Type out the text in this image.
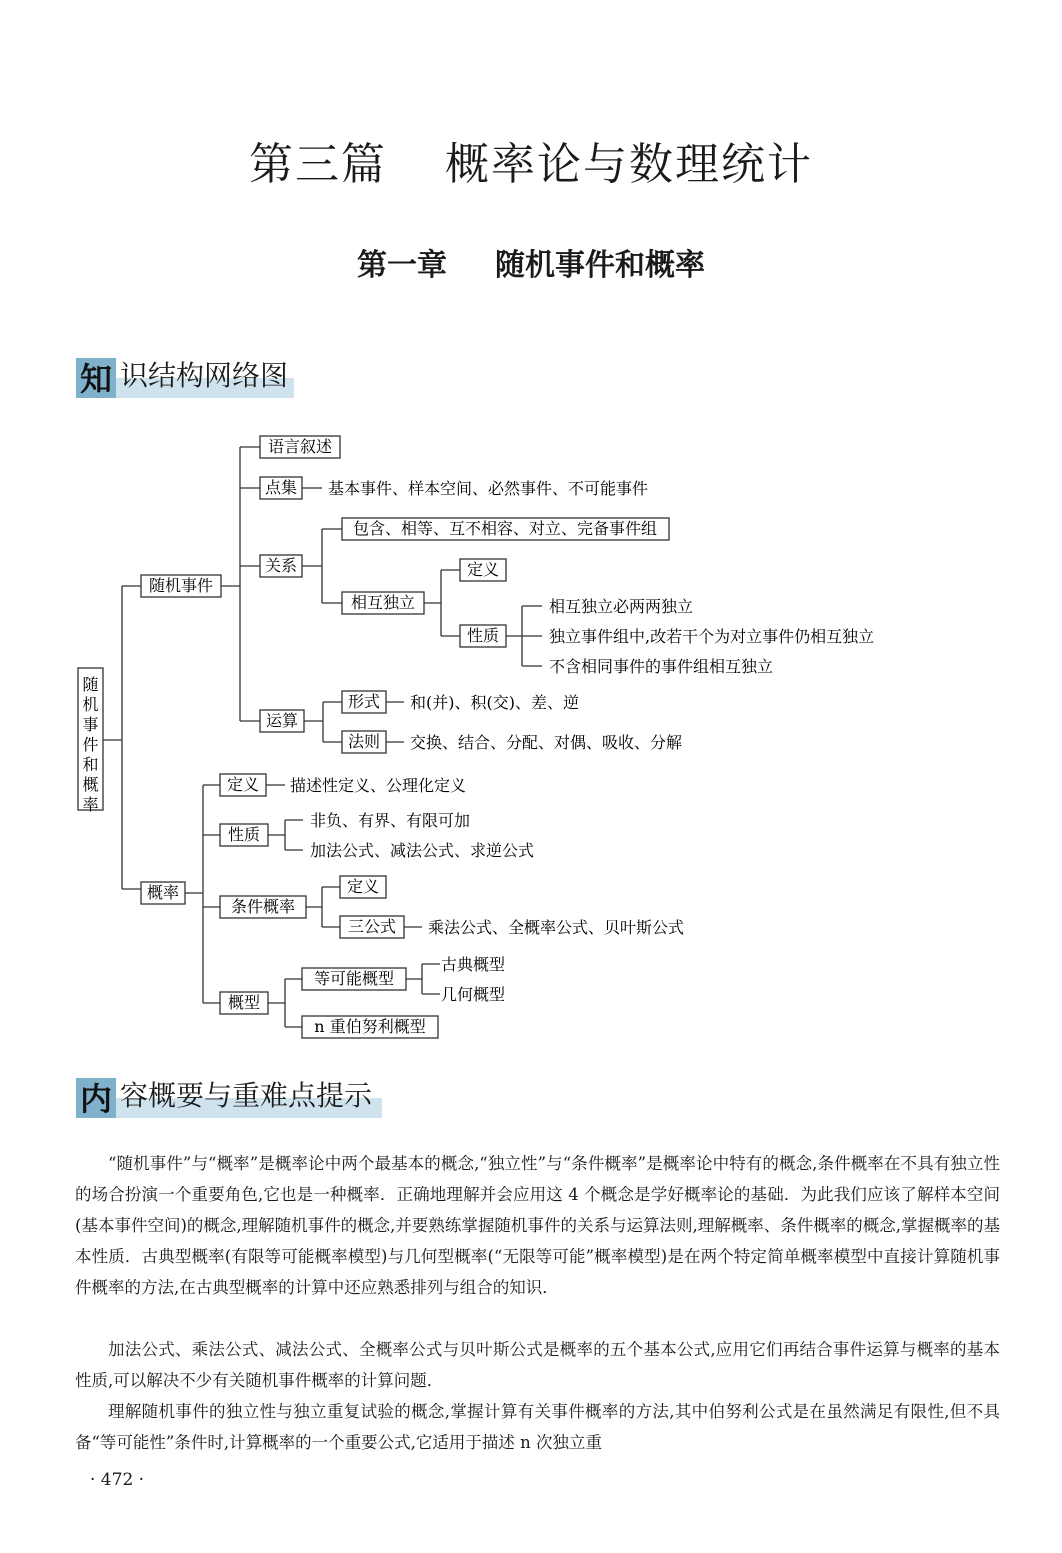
第三篇 概率论与数理统计
第一章 随机事件和概率
知 识结构网络图
随机事件和概率
随机事件
语言叙述
点集 基本事件、样本空间、必然事件、不可能事件
关系
包含、相等、互不相容、对立、完备事件组
相互独立
定义
性质
相互独立必两两独立
独立事件组中,改若干个为对立事件仍相互独立
不含相同事件的事件组相互独立
运算
形式 和(并)、积(交)、差、逆
法则 交换、结合、分配、对偶、吸收、分解
概率
定义 描述性定义、公理化定义
性质
非负、有界、有限可加
加法公式、减法公式、求逆公式
条件概率
定义
三公式 乘法公式、全概率公式、贝叶斯公式
概型
等可能概型
古典概型
几何概型
n 重伯努利概型
内 容概要与重难点提示

“随机事件”与“概率”是概率论中两个最基本的概念,“独立性”与“条件概率”是概率论中特有的概念,条件概率在不具有独立性的场合扮演一个重要角色,它也是一种概率．正确地理解并会应用这 4 个概念是学好概率论的基础．为此我们应该了解样本空间(基本事件空间)的概念,理解随机事件的概念,并要熟练掌握随机事件的关系与运算法则,理解概率、条件概率的概念,掌握概率的基本性质．古典型概率(有限等可能概率模型)与几何型概率(“无限等可能”概率模型)是在两个特定简单概率模型中直接计算随机事件概率的方法,在古典型概率的计算中还应熟悉排列与组合的知识．

加法公式、乘法公式、减法公式、全概率公式与贝叶斯公式是概率的五个基本公式,应用它们再结合事件运算与概率的基本性质,可以解决不少有关随机事件概率的计算问题．

理解随机事件的独立性与独立重复试验的概念,掌握计算有关事件概率的方法,其中伯努利公式是在虽然满足有限性,但不具备“等可能性”条件时,计算概率的一个重要公式,它适用于描述 n 次独立重

· 472 ·
